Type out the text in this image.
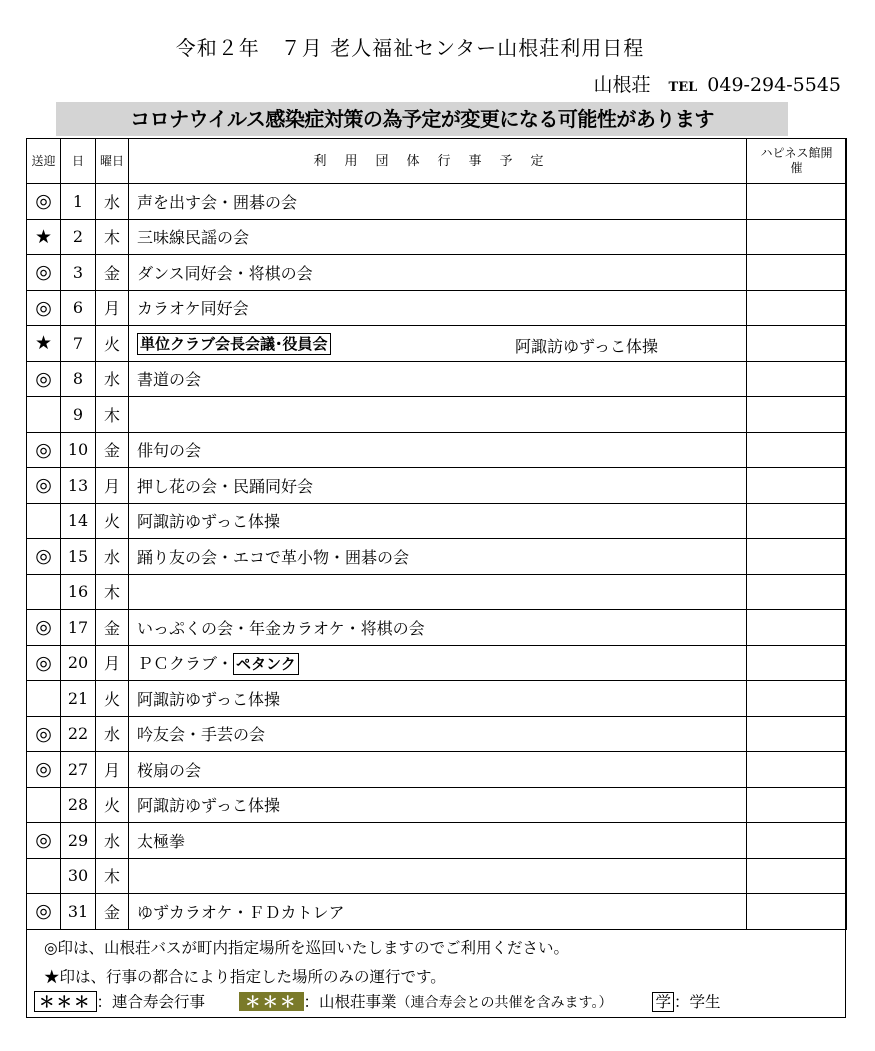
令和２年　７月 老人福祉センター山根荘利用日程
山根荘 TEL 049-294-5545
コロナウイルス感染症対策の為予定が変更になる可能性があります
送迎	日	曜日	利用団体行事予定	ハピネス館開催
◎	1	水	声を出す会・囲碁の会	
★	2	木	三味線民謡の会	
◎	3	金	ダンス同好会・将棋の会	
◎	6	月	カラオケ同好会	
★	7	火	単位クラブ会長会議･役員会 阿諏訪ゆずっこ体操	

◎	8	水	書道の会	
	9	木		
◎	10	金	俳句の会	
◎	13	月	押し花の会・民踊同好会	
	14	火	阿諏訪ゆずっこ体操	
◎	15	水	踊り友の会・エコで革小物・囲碁の会	
	16	木		
◎	17	金	いっぷくの会・年金カラオケ・将棋の会	
◎	20	月	ＰＣクラブ・ ペタンク	
	21	火	阿諏訪ゆずっこ体操	
◎	22	水	吟友会・手芸の会	
◎	27	月	桜扇の会	
	28	火	阿諏訪ゆずっこ体操	
◎	29	水	太極拳	
	30	木		
◎	31	金	ゆずカラオケ・ＦＤカトレア	
◎印は、山根荘バスが町内指定場所を巡回いたしますのでご利用ください。
★印は、行事の都合により指定した場所のみの運行です。
＊＊＊ ：連合寿会行事	＊＊＊ ：山根荘事業（連合寿会との共催を含みます。）	学 ：学生
